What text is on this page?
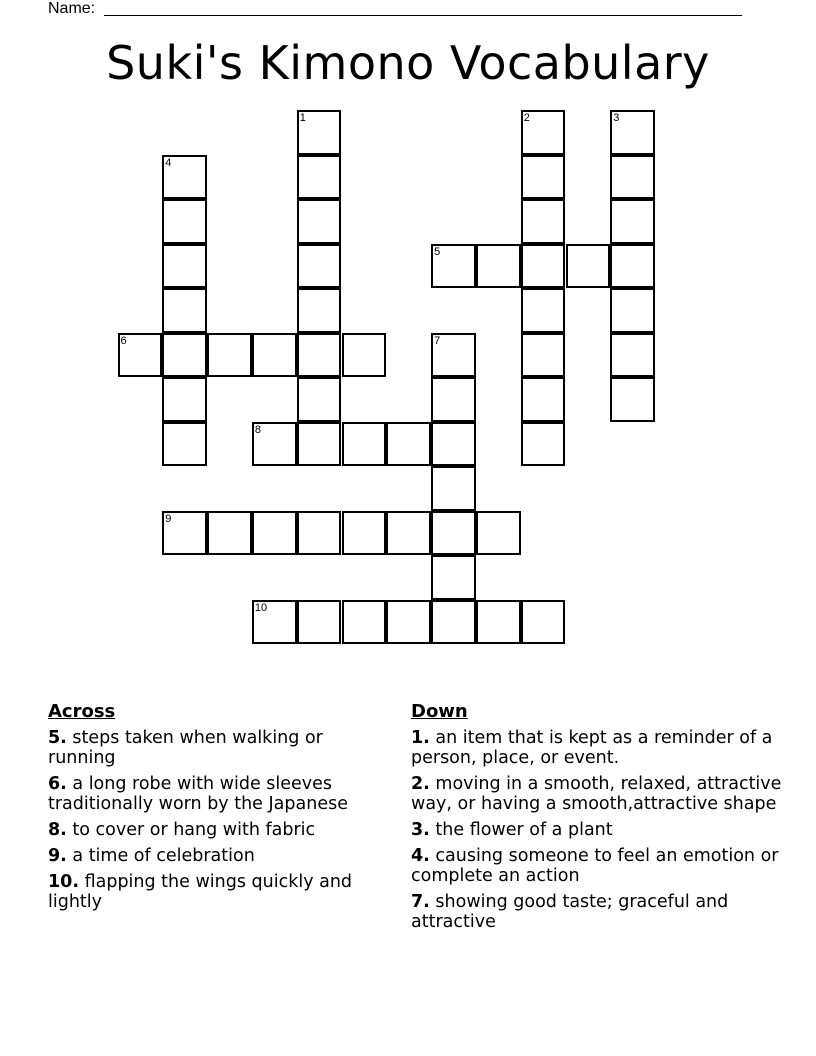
Name:
Suki's Kimono Vocabulary
1	2	3
4
5
6	7
8
9
10
Across
5. steps taken when walking or running
6. a long robe with wide sleeves traditionally worn by the Japanese
8. to cover or hang with fabric
9. a time of celebration
10. flapping the wings quickly and lightly
Down
1. an item that is kept as a reminder of a person, place, or event.
2. moving in a smooth, relaxed, attractive way, or having a smooth,attractive shape
3. the flower of a plant
4. causing someone to feel an emotion or complete an action
7. showing good taste; graceful and attractive
